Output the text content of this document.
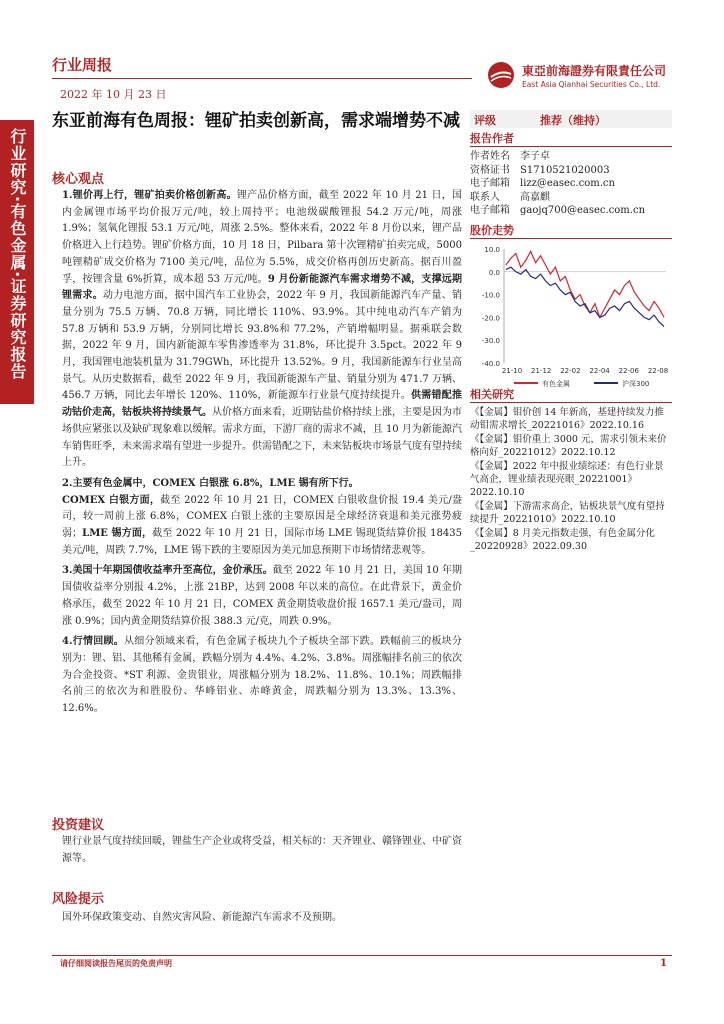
行业周报
2022 年 10 月 23 日
東亞前海證券有限責任公司
East Asia Qianhai Securities Co., Ltd.
行业研究·有色金属·证券研究报告
东亚前海有色周报：锂矿拍卖创新高，需求端增势不减
核心观点

1.锂价再上行，锂矿拍卖价格创新高。锂产品价格方面，截至 2022 年 10 月 21 日，国内金属锂市场平均价报万元/吨，较上周持平；电池级碳酸锂报 54.2 万元/吨，周涨 1.9%；氢氧化锂报 53.1 万元/吨，周涨 2.5%。整体来看，2022 年 8 月份以来，锂产品价格进入上行趋势。锂矿价格方面，10 月 18 日，Pilbara 第十次锂精矿拍卖完成，5000 吨锂精矿成交价格为 7100 美元/吨，品位为 5.5%，成交价格再创历史新高。据百川盈孚，按锂含量 6%折算，成本超 53 万元/吨。9 月份新能源汽车需求增势不减，支撑远期锂需求。动力电池方面，据中国汽车工业协会，2022 年 9 月，我国新能源汽车产量、销量分别为 75.5 万辆、70.8 万辆，同比增长 110%、93.9%。其中纯电动汽车产销为 57.8 万辆和 53.9 万辆，分别同比增长 93.8%和 77.2%，产销增幅明显。据乘联会数据，2022 年 9 月，国内新能源车零售渗透率为 31.8%，环比提升 3.5pct。2022 年 9 月，我国锂电池装机量为 31.79GWh，环比提升 13.52%。9 月，我国新能源车行业呈高景气。从历史数据看，截至 2022 年 9 月，我国新能源车产量、销量分别为 471.7 万辆、456.7 万辆，同比去年增长 120%、110%，新能源车行业景气度持续提升。供需错配推动钴价走高，钴板块将持续景气。从价格方面来看，近期钴盐价格持续上涨，主要是因为市场供应紧张以及缺矿现象难以缓解。需求方面，下游厂商的需求不减，且 10 月为新能源汽车销售旺季，未来需求端有望进一步提升。供需错配之下，未来钴板块市场景气度有望持续上升。

2.主要有色金属中，COMEX 白银涨 6.8%，LME 锡有所下行。
COMEX 白银方面，截至 2022 年 10 月 21 日，COMEX 白银收盘价报 19.4 美元/盎司，较一周前上涨 6.8%，COMEX 白银上涨的主要原因是全球经济衰退和美元涨势疲弱；LME 锡方面，截至 2022 年 10 月 21 日，国际市场 LME 锡现货结算价报 18435 美元/吨，周跌 7.7%，LME 锡下跌的主要原因为美元加息预期下市场情绪悲观等。

3.美国十年期国债收益率升至高位，金价承压。截至 2022 年 10 月 21 日，美国 10 年期国债收益率分别报 4.2%，上涨 21BP，达到 2008 年以来的高位。在此背景下，黄金价格承压，截至 2022 年 10 月 21 日，COMEX 黄金期货收盘价报 1657.1 美元/盎司，周涨 0.9%；国内黄金期货结算价报 388.3 元/克，周跌 0.9%。

4.行情回顾。从细分领域来看，有色金属子板块九个子板块全部下跌。跌幅前三的板块分别为：锂、铝、其他稀有金属，跌幅分别为 4.4%、4.2%、3.8%。周涨幅排名前三的依次为合金投资、*ST 利源、金贵银业，周涨幅分别为 18.2%、11.8%、10.1%；周跌幅排名前三的依次为和胜股份、华峰铝业、赤峰黄金，周跌幅分别为 13.3%、13.3%、12.6%。

投资建议
锂行业景气度持续回暖，锂盐生产企业或将受益，相关标的：天齐锂业、赣锋锂业、中矿资源等。
风险提示
国外环保政策变动、自然灾害风险、新能源汽车需求不及预期。
评级	推荐（维持）
报告作者
作者姓名	李子卓
资格证书	S1710521020003
电子邮箱	lizz@easec.com.cn
联系人	高嘉麒
电子邮箱	gaojq700@easec.com.cn
股价走势
10.0
0.0
-10.0
-20.0
-30.0
-40.0
21-10 21-12 22-02 22-04 22-06 22-08
有色金属	沪深300
相关研究
《【金属】钼价创 14 年新高，基建持续发力推动钼需求增长_20221016》2022.10.16
《【金属】钼价重上 3000 元，需求引领未来价格向好_20221012》2022.10.12
《【金属】2022 年中报业绩综述：有色行业景气高企，锂业绩表现亮眼_20221001》2022.10.10
《【金属】下游需求高企，钴板块景气度有望持续提升_20221010》2022.10.10
《【金属】8 月美元指数走强，有色金属分化_20220928》2022.09.30
请仔细阅读报告尾页的免责声明	1
